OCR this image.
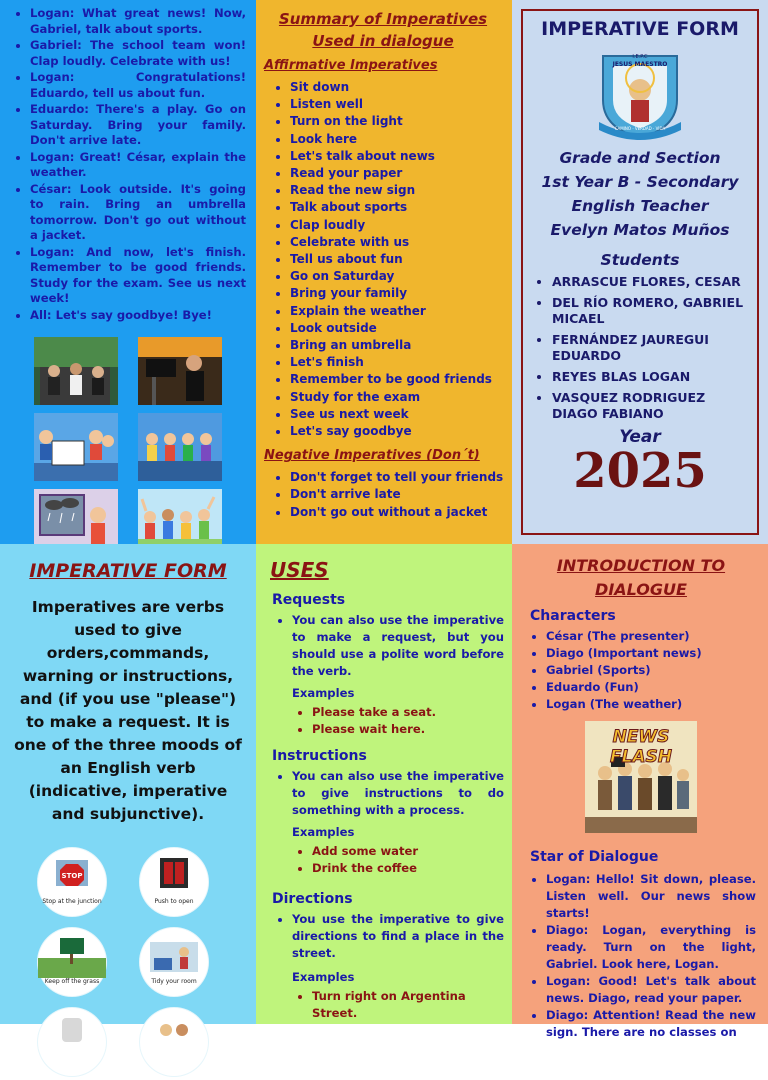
• Logan: What great news! Now, Gabriel, talk about sports.
• Gabriel: The school team won! Clap loudly. Celebrate with us!
• Logan: Congratulations! Eduardo, tell us about fun.
• Eduardo: There's a play. Go on Saturday. Bring your family. Don't arrive late.
• Logan: Great! César, explain the weather.
• César: Look outside. It's going to rain. Bring an umbrella tomorrow. Don't go out without a jacket.
• Logan: And now, let's finish. Remember to be good friends. Study for the exam. See us next week!
• All: Let's say goodbye! Bye!
Summary of Imperatives
Used in dialogue
Affirmative Imperatives
• Sit down
• Listen well
• Turn on the light
• Look here
• Let's talk about news
• Read your paper
• Read the new sign
• Talk about sports
• Clap loudly
• Celebrate with us
• Tell us about fun
• Go on Saturday
• Bring your family
• Explain the weather
• Look outside
• Bring an umbrella
• Let's finish
• Remember to be good friends
• Study for the exam
• See us next week
• Let's say goodbye
Negative Imperatives (Don´t)
• Don't forget to tell your friends
• Don't arrive late
• Don't go out without a jacket
IMPERATIVE FORM
I.E.P.C
JESUS MAESTRO
CAMINO · VERDAD · VIDA
Grade and Section
1st Year B - Secondary
English Teacher
Evelyn Matos Muños
Students
• ARRASCUE FLORES, CESAR
• DEL RÍO ROMERO, GABRIEL MICAEL
• FERNÁNDEZ JAUREGUI EDUARDO
• REYES BLAS LOGAN
• VASQUEZ RODRIGUEZ DIAGO FABIANO
Year
2025
IMPERATIVE FORM
Imperatives are verbs used to give orders,commands, warning or instructions, and (if you use "please") to make a request. It is one of the three moods of an English verb (indicative, imperative and subjunctive).
STOP
Stop at the junction	Push to open
Keep off the grass	Tidy your room
USES
Requests
• You can also use the imperative to make a request, but you should use a polite word before the verb.
Examples
• Please take a seat.
• Please wait here.
Instructions
• You can also use the imperative to give instructions to do something with a process.
Examples
• Add some water
• Drink the coffee
Directions
• You use the imperative to give directions to find a place in the street.
Examples
• Turn right on Argentina Street.
INTRODUCTION TO
DIALOGUE
Characters
• César (The presenter)
• Diago (Important news)
• Gabriel (Sports)
• Eduardo (Fun)
• Logan (The weather)
NEWS FLASH
Star of Dialogue
• Logan: Hello! Sit down, please. Listen well. Our news show starts!
• Diago: Logan, everything is ready. Turn on the light, Gabriel. Look here, Logan.
• Logan: Good! Let's talk about news. Diago, read your paper.
• Diago: Attention! Read the new sign. There are no classes on
